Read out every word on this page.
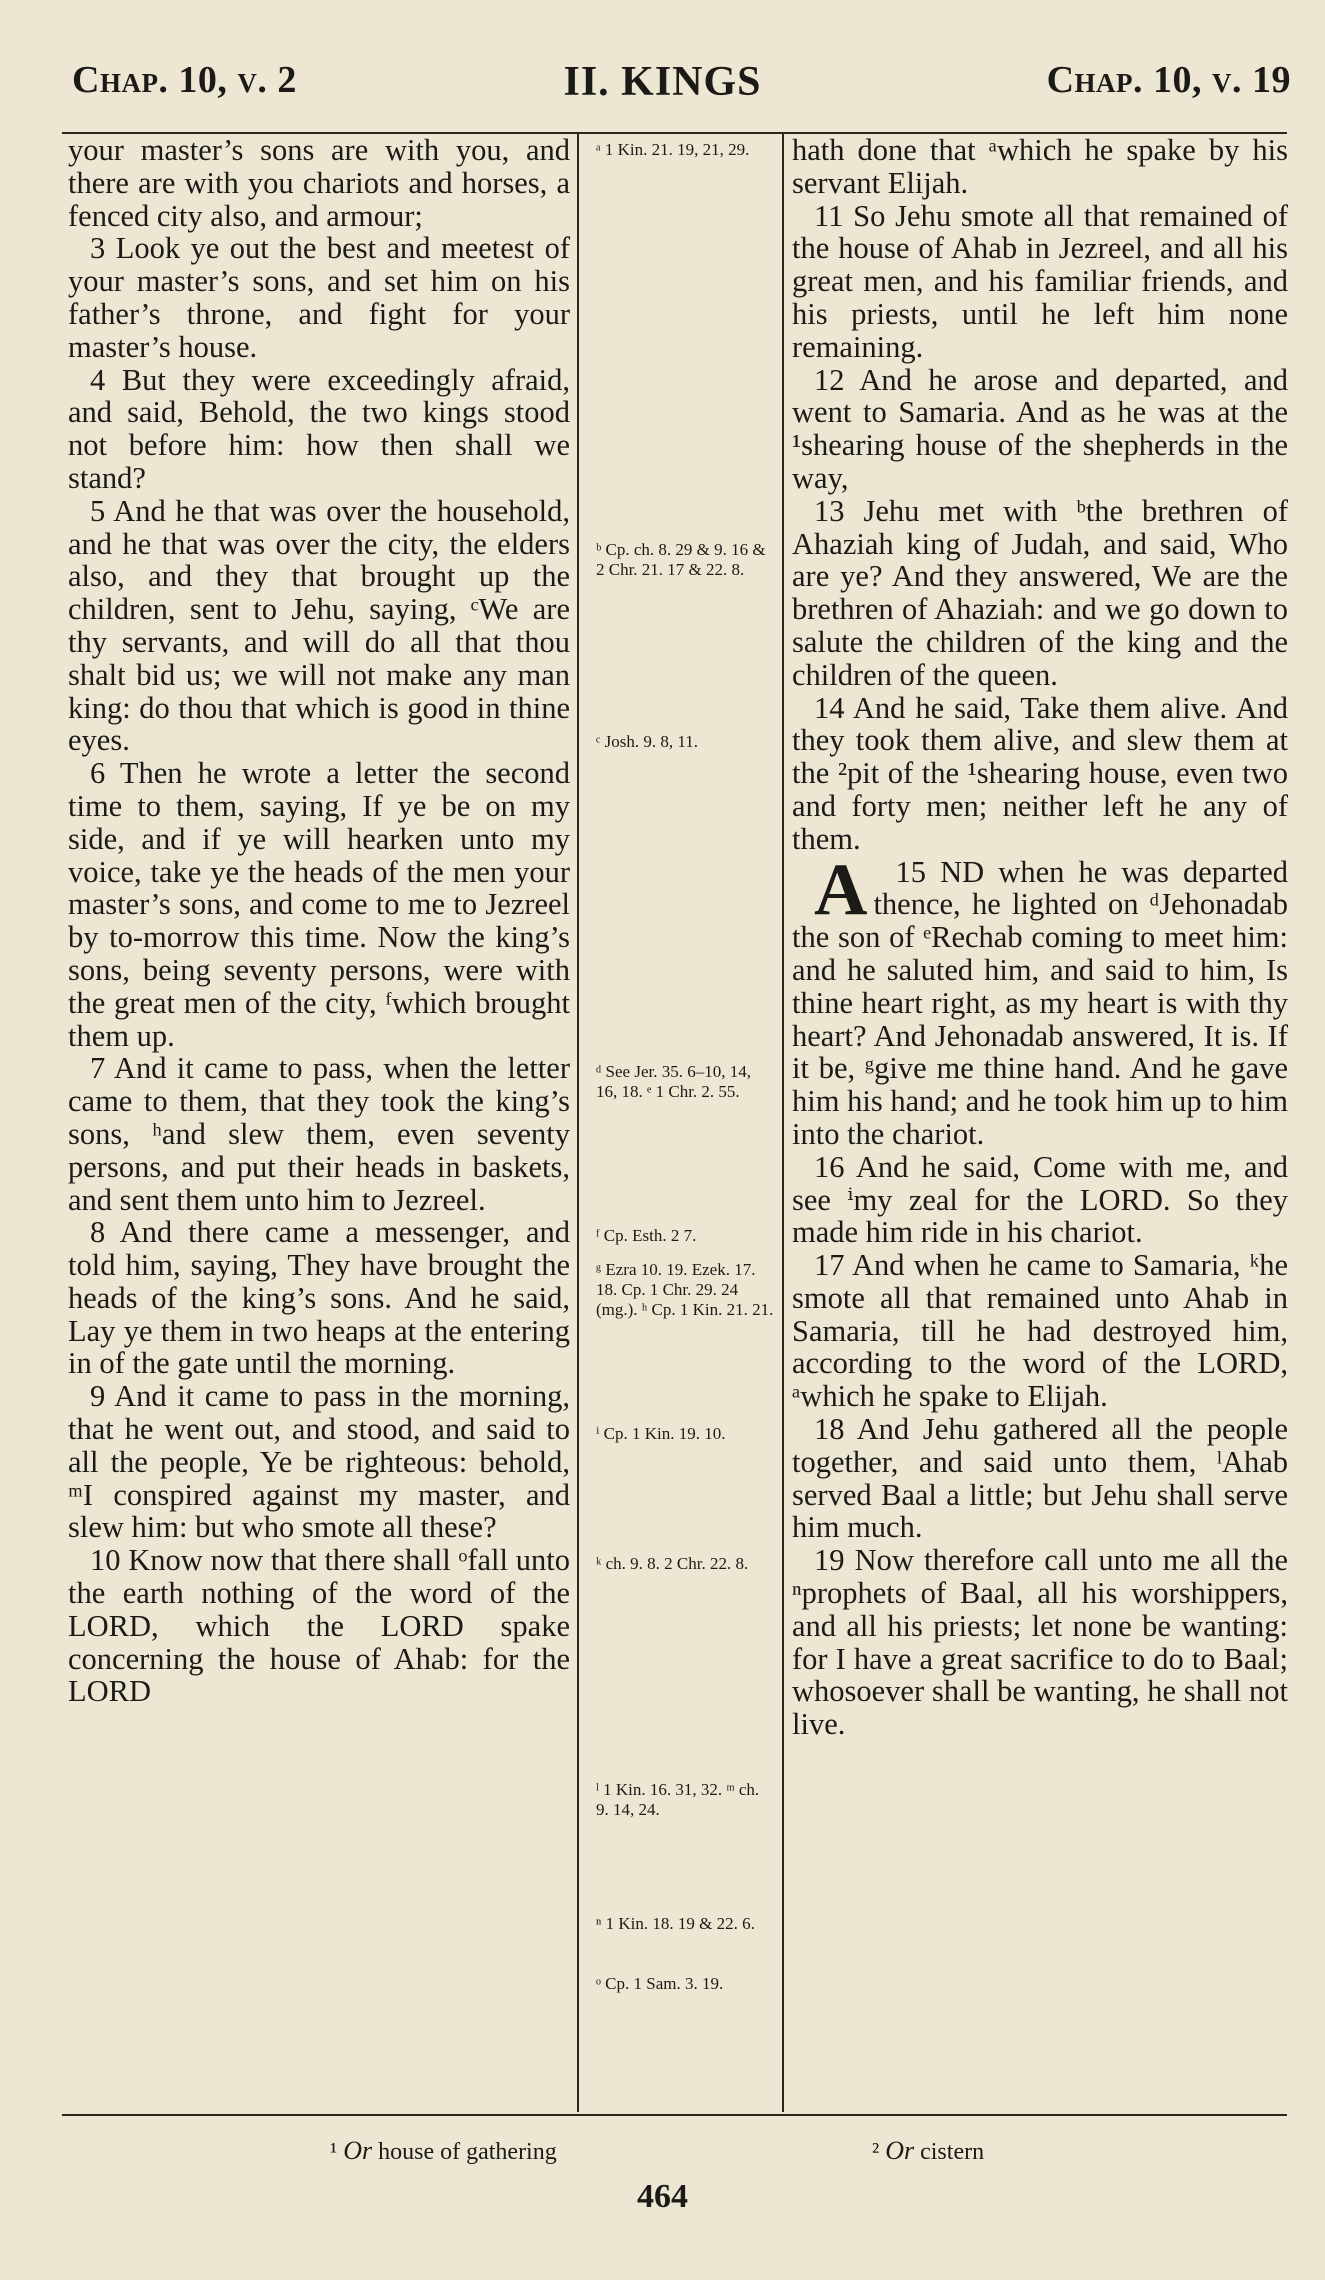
Chap. 10, v. 2	II. KINGS	Chap. 10, v. 19

your master’s sons are with you, and there are with you chariots and horses, a fenced city also, and armour;

3 Look ye out the best and meetest of your master’s sons, and set him on his father’s throne, and fight for your master’s house.

4 But they were exceedingly afraid, and said, Behold, the two kings stood not before him: how then shall we stand?

5 And he that was over the household, and he that was over the city, the elders also, and they that brought up the children, sent to Jehu, saying, ᶜWe are thy servants, and will do all that thou shalt bid us; we will not make any man king: do thou that which is good in thine eyes.

6 Then he wrote a letter the second time to them, saying, If ye be on my side, and if ye will hearken unto my voice, take ye the heads of the men your master’s sons, and come to me to Jezreel by to-morrow this time. Now the king’s sons, being seventy persons, were with the great men of the city, ᶠwhich brought them up.

7 And it came to pass, when the letter came to them, that they took the king’s sons, ʰand slew them, even seventy persons, and put their heads in baskets, and sent them unto him to Jezreel.

8 And there came a messenger, and told him, saying, They have brought the heads of the king’s sons. And he said, Lay ye them in two heaps at the entering in of the gate until the morning.

9 And it came to pass in the morning, that he went out, and stood, and said to all the people, Ye be righteous: behold, ᵐI conspired against my master, and slew him: but who smote all these?

10 Know now that there shall ᵒfall unto the earth nothing of the word of the LORD, which the LORD spake concerning the house of Ahab: for the LORD

ᵃ 1 Kin. 21. 19, 21, 29.
ᵇ Cp. ch. 8. 29 & 9. 16 & 2 Chr. 21. 17 & 22. 8.
ᶜ Josh. 9. 8, 11.
ᵈ See Jer. 35. 6–10, 14, 16, 18. ᵉ 1 Chr. 2. 55.
ᶠ Cp. Esth. 2 7.
ᵍ Ezra 10. 19. Ezek. 17. 18. Cp. 1 Chr. 29. 24 (mg.). ʰ Cp. 1 Kin. 21. 21.
ⁱ Cp. 1 Kin. 19. 10.
ᵏ ch. 9. 8. 2 Chr. 22. 8.
ˡ 1 Kin. 16. 31, 32. ᵐ ch. 9. 14, 24.
ⁿ 1 Kin. 18. 19 & 22. 6.
ᵒ Cp. 1 Sam. 3. 19.

hath done that ᵃwhich he spake by his servant Elijah.

11 So Jehu smote all that remained of the house of Ahab in Jezreel, and all his great men, and his familiar friends, and his priests, until he left him none remaining.

12 And he arose and departed, and went to Samaria. And as he was at the ¹shearing house of the shepherds in the way,

13 Jehu met with ᵇthe brethren of Ahaziah king of Judah, and said, Who are ye? And they answered, We are the brethren of Ahaziah: and we go down to salute the children of the king and the children of the queen.

14 And he said, Take them alive. And they took them alive, and slew them at the ²pit of the ¹shearing house, even two and forty men; neither left he any of them.

15
A ND when he was departed thence, he lighted on ᵈJehonadab the son of ᵉRechab coming to meet him: and he saluted him, and said to him, Is thine heart right, as my heart is with thy heart? And Jehonadab answered, It is. If it be, ᵍgive me thine hand. And he gave him his hand; and he took him up to him into the chariot.

16 And he said, Come with me, and see ⁱmy zeal for the LORD. So they made him ride in his chariot.

17 And when he came to Samaria, ᵏhe smote all that remained unto Ahab in Samaria, till he had destroyed him, according to the word of the LORD, ᵃwhich he spake to Elijah.

18 And Jehu gathered all the people together, and said unto them, ˡAhab served Baal a little; but Jehu shall serve him much.

19 Now therefore call unto me all the ⁿprophets of Baal, all his worshippers, and all his priests; let none be wanting: for I have a great sacrifice to do to Baal; whosoever shall be wanting, he shall not live.

¹ Or house of gathering	² Or cistern
464
